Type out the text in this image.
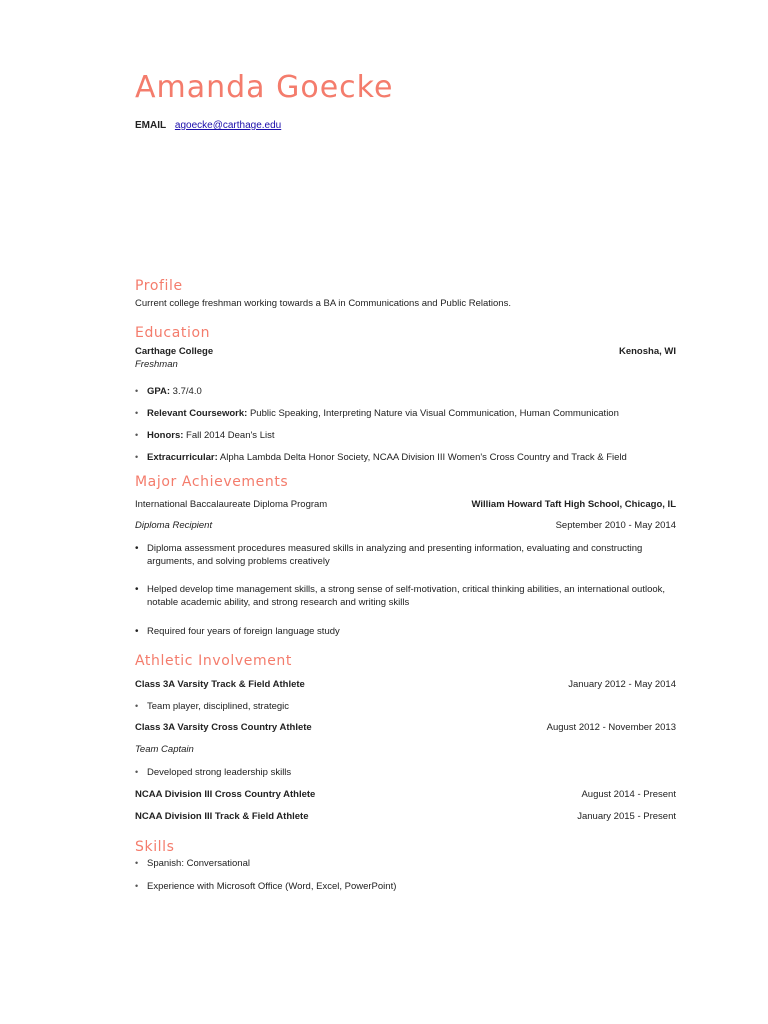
Amanda Goecke
EMAIL agoecke@carthage.edu
Profile
Current college freshman working towards a BA in Communications and Public Relations.
Education
Carthage College	Kenosha, WI
Freshman
• GPA: 3.7/4.0
• Relevant Coursework: Public Speaking, Interpreting Nature via Visual Communication, Human Communication
• Honors: Fall 2014 Dean's List
• Extracurricular: Alpha Lambda Delta Honor Society, NCAA Division III Women's Cross Country and Track & Field
Major Achievements
International Baccalaureate Diploma Program	William Howard Taft High School, Chicago, IL
Diploma Recipient	September 2010 - May 2014
• Diploma assessment procedures measured skills in analyzing and presenting information, evaluating and constructing arguments, and solving problems creatively
• Helped develop time management skills, a strong sense of self-motivation, critical thinking abilities, an international outlook, notable academic ability, and strong research and writing skills
• Required four years of foreign language study
Athletic Involvement
Class 3A Varsity Track & Field Athlete	January 2012 - May 2014
• Team player, disciplined, strategic
Class 3A Varsity Cross Country Athlete	August 2012 - November 2013
Team Captain
• Developed strong leadership skills
NCAA Division III Cross Country Athlete	August 2014 - Present
NCAA Division III Track & Field Athlete	January 2015 - Present
Skills
• Spanish: Conversational
• Experience with Microsoft Office (Word, Excel, PowerPoint)
